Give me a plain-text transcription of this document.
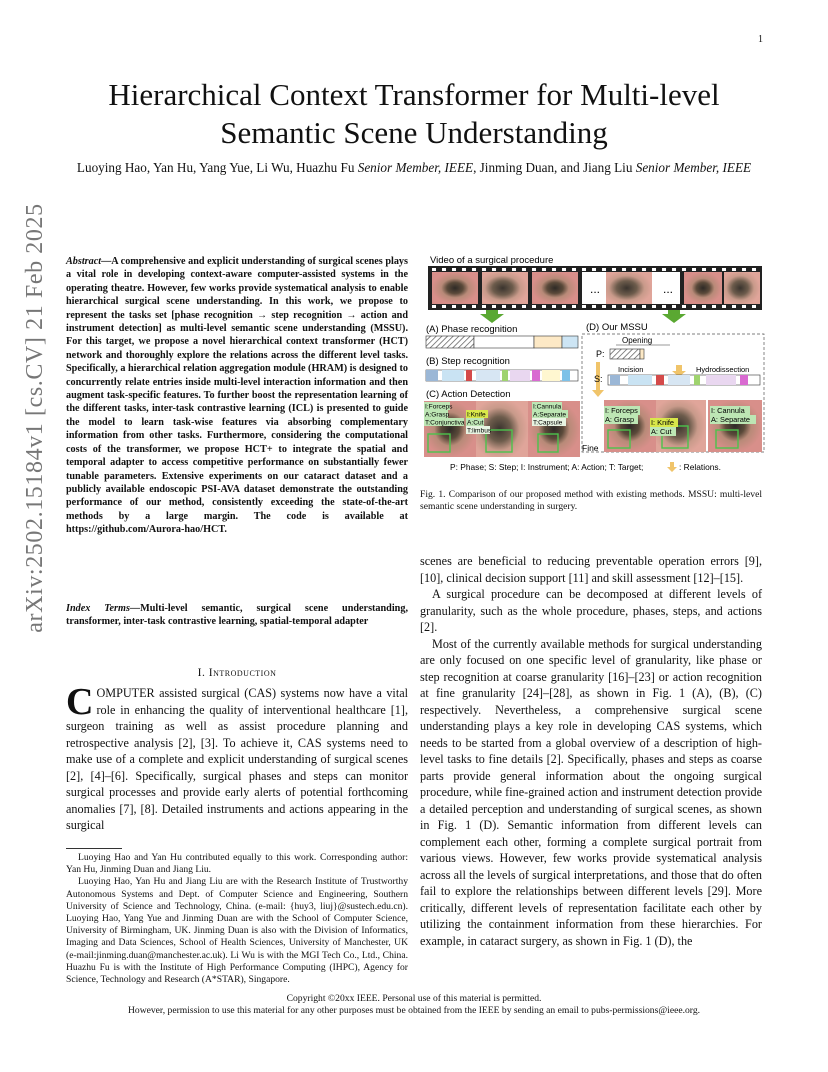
1
arXiv:2502.15184v1 [cs.CV] 21 Feb 2025
Hierarchical Context Transformer for Multi-level Semantic Scene Understanding
Luoying Hao, Yan Hu, Yang Yue, Li Wu, Huazhu Fu Senior Member, IEEE, Jinming Duan, and Jiang Liu Senior Member, IEEE
Abstract—A comprehensive and explicit understanding of surgical scenes plays a vital role in developing context-aware computer-assisted systems in the operating theatre. However, few works provide systematical analysis to enable hierarchical surgical scene understanding. In this work, we propose to represent the tasks set [phase recognition → step recognition → action and instrument detection] as multi-level semantic scene understanding (MSSU). For this target, we propose a novel hierarchical context transformer (HCT) network and thoroughly explore the relations across the different level tasks. Specifically, a hierarchical relation aggregation module (HRAM) is designed to concurrently relate entries inside multi-level interaction information and then augment task-specific features. To further boost the representation learning of the different tasks, inter-task contrastive learning (ICL) is presented to guide the model to learn task-wise features via absorbing complementary information from other tasks. Furthermore, considering the computational costs of the transformer, we propose HCT+ to integrate the spatial and temporal adapter to access competitive performance on substantially fewer tunable parameters. Extensive experiments on our cataract dataset and a publicly available endoscopic PSI-AVA dataset demonstrate the outstanding performance of our method, consistently exceeding the state-of-the-art methods by a large margin. The code is available at https://github.com/Aurora-hao/HCT.
Index Terms—Multi-level semantic, surgical scene understanding, transformer, inter-task contrastive learning, spatial-temporal adapter
I. Introduction
COMPUTER assisted surgical (CAS) systems now have a vital role in enhancing the quality of interventional healthcare [1], surgeon training as well as assist procedure planning and retrospective analysis [2], [3]. To achieve it, CAS systems need to make use of a complete and explicit understanding of surgical scenes [2], [4]–[6]. Specifically, surgical phases and steps can monitor surgical processes and provide early alerts of potential forthcoming anomalies [7], [8]. Detailed instruments and actions appearing in the surgical

Luoying Hao and Yan Hu contributed equally to this work. Corresponding author: Yan Hu, Jinming Duan and Jiang Liu.

Luoying Hao, Yan Hu and Jiang Liu are with the Research Institute of Trustworthy Autonomous Systems and Dept. of Computer Science and Engineering, Southern University of Science and Technology, China. (e-mail: {huy3, liuj}@sustech.edu.cn). Luoying Hao, Yang Yue and Jinming Duan are with the School of Computer Science, University of Birmingham, UK. Jinming Duan is also with the Division of Informatics, Imaging and Data Sciences, School of Health Sciences, University of Manchester, UK (e-mail:jinming.duan@manchester.ac.uk). Li Wu is with the MGI Tech Co., Ltd., China. Huazhu Fu is with the Institute of High Performance Computing (IHPC), Agency for Science, Technology and Research (A*STAR), Singapore.

Video of a surgical procedure
...	...
(A) Phase recognition
(B) Step recognition
(C) Action Detection
I:Forceps
A:Grasp
T:Conjunctiva
I:Knife
A:Cut
T:limbus
I:Cannula
A:Separate
T:Capsule
(D) Our MSSU
Opening
P:
S:
Incision	Hydrodissection
I: Forceps
A: Grasp I: Knife
A: Cut
I: Cannula
A: Separate
Fine
P: Phase; S: Step; I: Instrument; A: Action; T: Target;	: Relations.
Fig. 1. Comparison of our proposed method with existing methods. MSSU: multi-level semantic scene understanding in surgery.

scenes are beneficial to reducing preventable operation errors [9], [10], clinical decision support [11] and skill assessment [12]–[15].

A surgical procedure can be decomposed at different levels of granularity, such as the whole procedure, phases, steps, and actions [2].

Most of the currently available methods for surgical understanding are only focused on one specific level of granularity, like phase or step recognition at coarse granularity [16]–[23] or action recognition at fine granularity [24]–[28], as shown in Fig. 1 (A), (B), (C) respectively. Nevertheless, a comprehensive surgical scene understanding plays a key role in developing CAS systems, which needs to be started from a global overview of a description of high-level tasks to fine details [2]. Specifically, phases and steps as coarse parts provide general information about the ongoing surgical procedure, while fine-grained action and instrument detection provide a detailed perception and understanding of surgical scenes, as shown in Fig. 1 (D). Semantic information from different levels can complement each other, forming a complete surgical portrait from various views. However, few works provide systematical analysis across all the levels of surgical interpretations, and those that do often fail to explore the relationships between different levels [29]. More critically, different levels of representation facilitate each other by utilizing the containment information from these hierarchies. For example, in cataract surgery, as shown in Fig. 1 (D), the

Copyright ©20xx IEEE. Personal use of this material is permitted.
However, permission to use this material for any other purposes must be obtained from the IEEE by sending an email to pubs-permissions@ieee.org.
